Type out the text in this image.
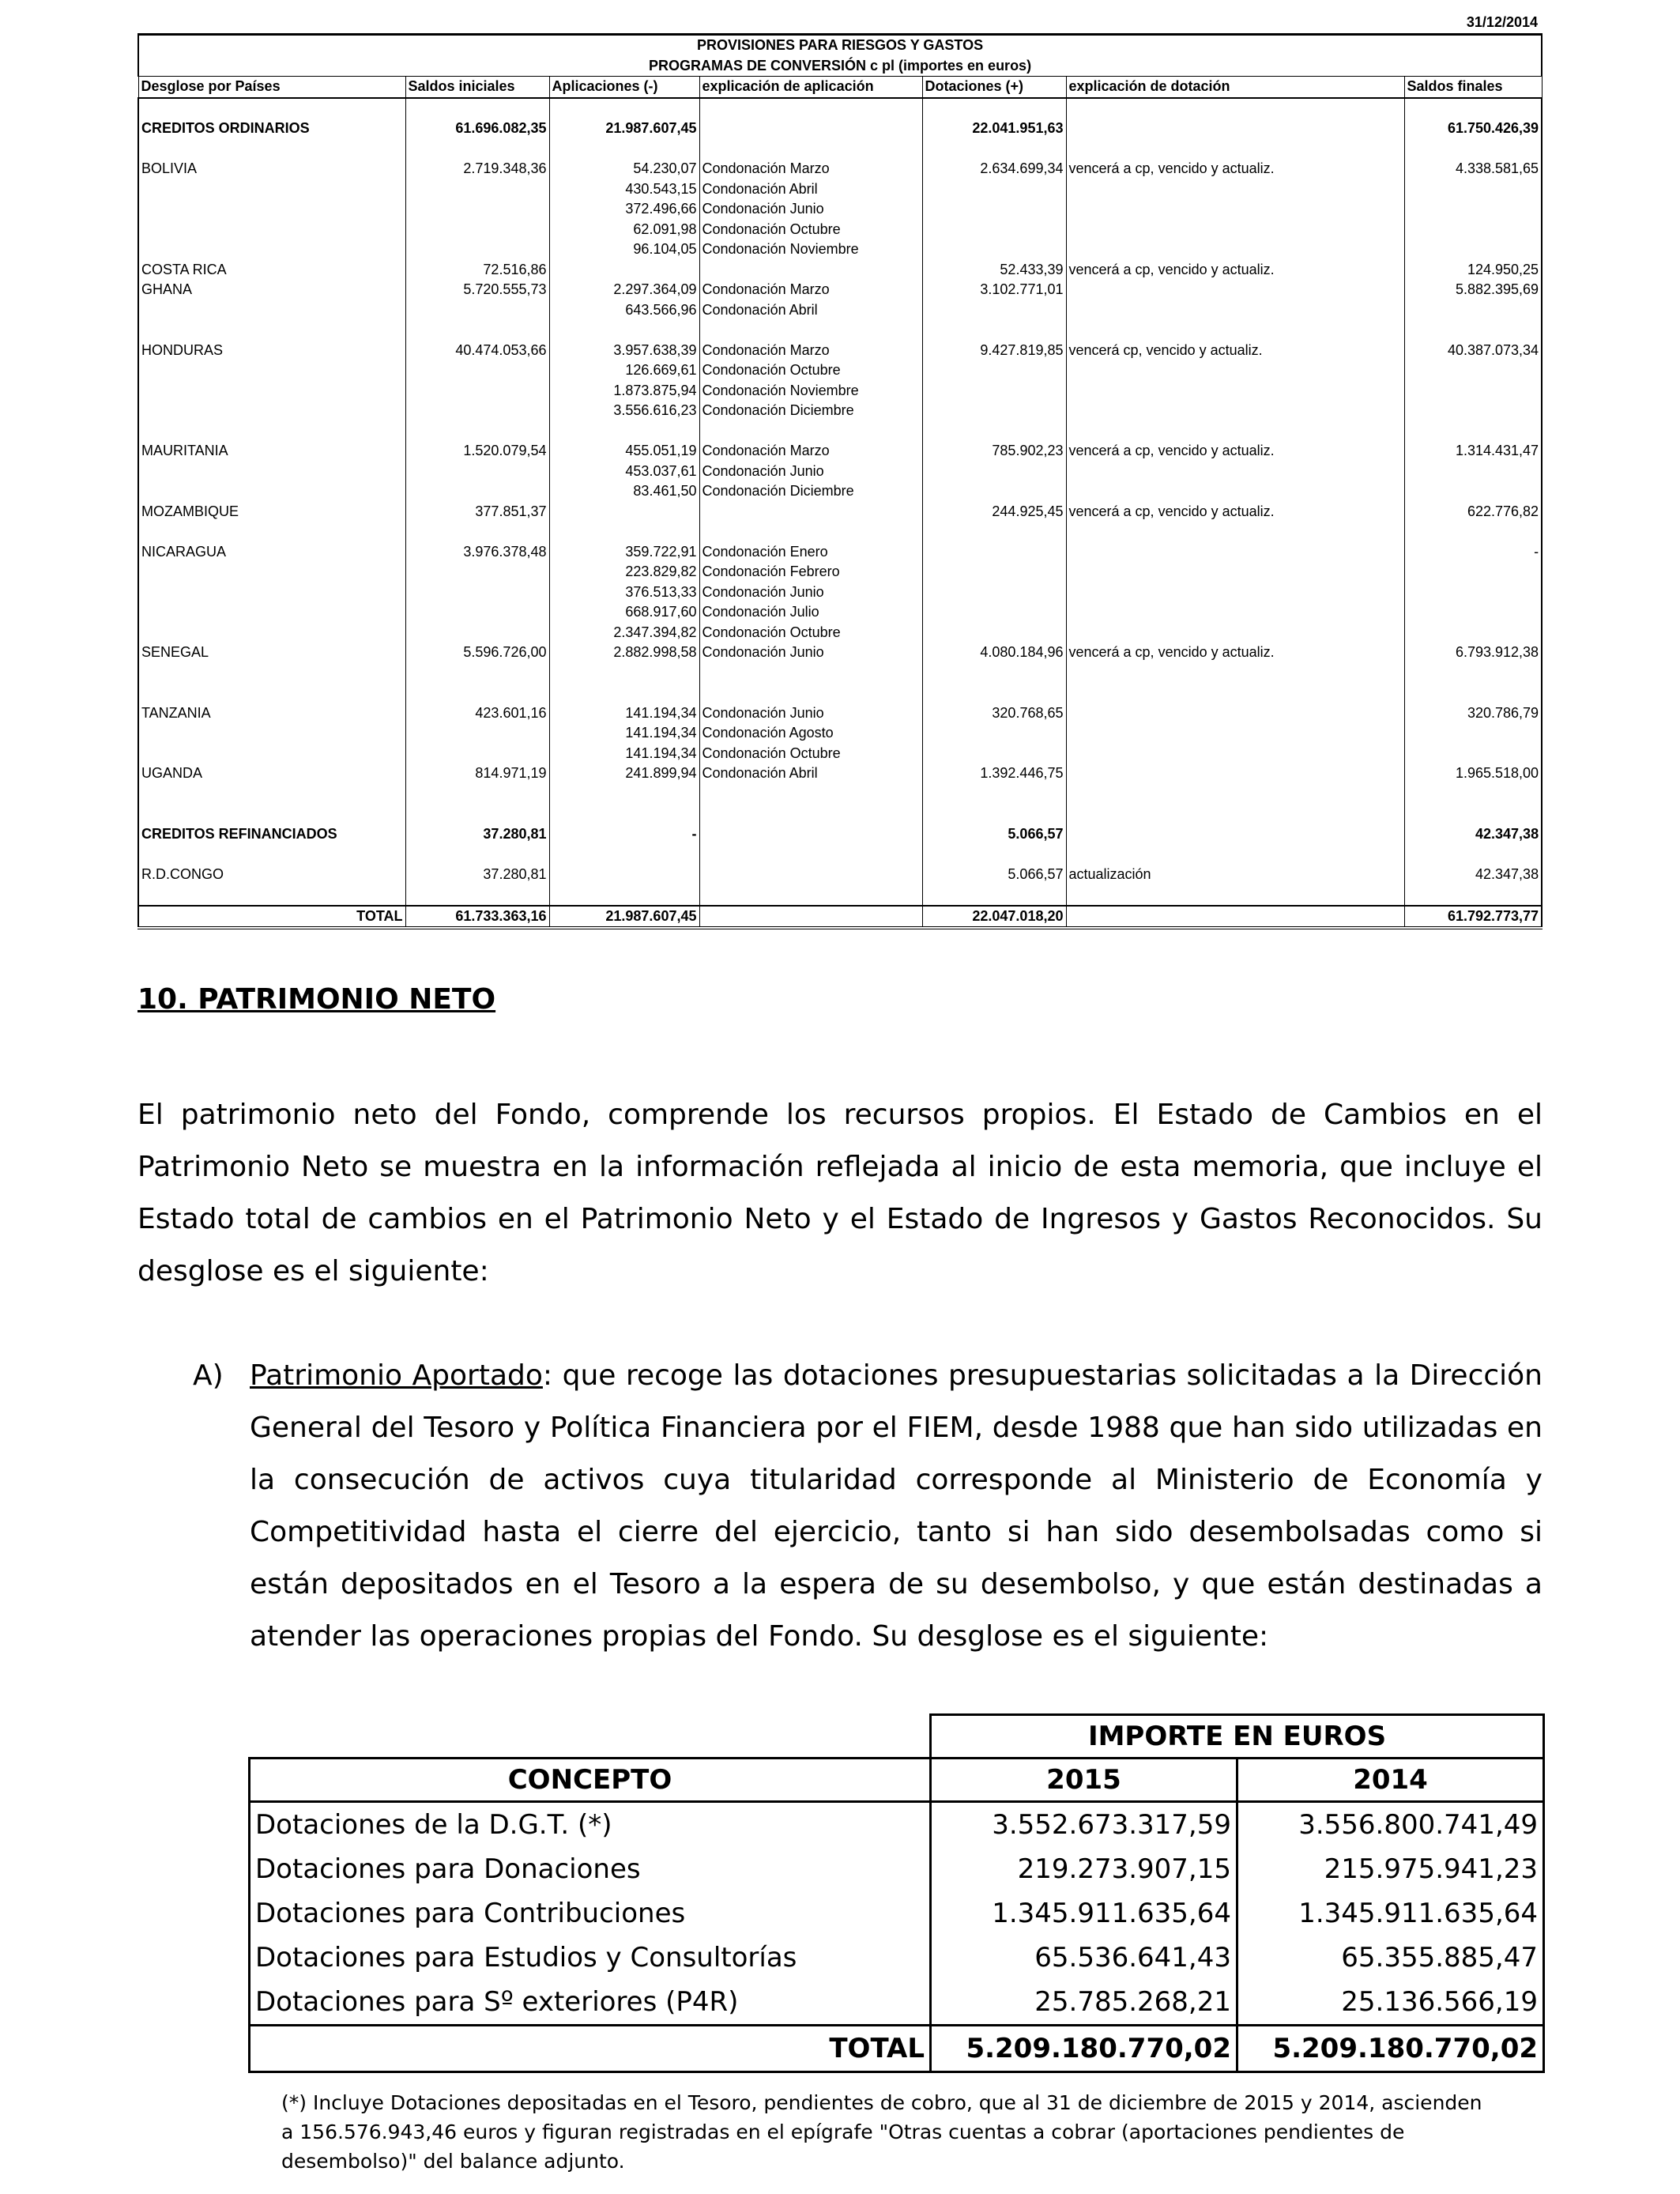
31/12/2014
PROVISIONES PARA RIESGOS Y GASTOS						
PROGRAMAS DE CONVERSIÓN c pl (importes en euros)						
Desglose por Países	Saldos iniciales	Aplicaciones (-)	explicación de aplicación	Dotaciones (+)	explicación de dotación	Saldos finales

CREDITOS ORDINARIOS	61.696.082,35	21.987.607,45		22.041.951,63		61.750.426,39

BOLIVIA	2.719.348,36	54.230,07	Condonación Marzo	2.634.699,34	vencerá a cp, vencido y actualiz.	4.338.581,65
		430.543,15	Condonación Abril			
		372.496,66	Condonación Junio			
		62.091,98	Condonación Octubre			
		96.104,05	Condonación Noviembre			
COSTA RICA	72.516,86			52.433,39	vencerá a cp, vencido y actualiz.	124.950,25
GHANA	5.720.555,73	2.297.364,09	Condonación Marzo	3.102.771,01		5.882.395,69
		643.566,96	Condonación Abril			

HONDURAS	40.474.053,66	3.957.638,39	Condonación Marzo	9.427.819,85	vencerá cp, vencido y actualiz.	40.387.073,34
		126.669,61	Condonación Octubre			
		1.873.875,94	Condonación Noviembre			
		3.556.616,23	Condonación Diciembre			

MAURITANIA	1.520.079,54	455.051,19	Condonación Marzo	785.902,23	vencerá a cp, vencido y actualiz.	1.314.431,47
		453.037,61	Condonación Junio			
		83.461,50	Condonación Diciembre			
MOZAMBIQUE	377.851,37			244.925,45	vencerá a cp, vencido y actualiz.	622.776,82

NICARAGUA	3.976.378,48	359.722,91	Condonación Enero			-
		223.829,82	Condonación Febrero			
		376.513,33	Condonación Junio			
		668.917,60	Condonación Julio			
		2.347.394,82	Condonación Octubre			
SENEGAL	5.596.726,00	2.882.998,58	Condonación Junio	4.080.184,96	vencerá a cp, vencido y actualiz.	6.793.912,38

TANZANIA	423.601,16	141.194,34	Condonación Junio	320.768,65		320.786,79
		141.194,34	Condonación Agosto			
		141.194,34	Condonación Octubre			
UGANDA	814.971,19	241.899,94	Condonación Abril	1.392.446,75		1.965.518,00

CREDITOS REFINANCIADOS	37.280,81	-		5.066,57		42.347,38

R.D.CONGO	37.280,81			5.066,57	actualización	42.347,38

TOTAL	61.733.363,16	21.987.607,45		22.047.018,20		61.792.773,77
10. PATRIMONIO NETO
El patrimonio neto del Fondo, comprende los recursos propios. El Estado de Cambios en el Patrimonio Neto se muestra en la información reflejada al inicio de esta memoria, que incluye el Estado total de cambios en el Patrimonio Neto y el Estado de Ingresos y Gastos Reconocidos. Su desglose es el siguiente:
A) Patrimonio Aportado: que recoge las dotaciones presupuestarias solicitadas a la Dirección General del Tesoro y Política Financiera por el FIEM, desde 1988 que han sido utilizadas en la consecución de activos cuya titularidad corresponde al Ministerio de Economía y Competitividad hasta el cierre del ejercicio, tanto si han sido desembolsadas como si están depositados en el Tesoro a la espera de su desembolso, y que están destinadas a atender las operaciones propias del Fondo. Su desglose es el siguiente:
	IMPORTE EN EUROS	
CONCEPTO	2015	2014
Dotaciones de la D.G.T. (*)	3.552.673.317,59	3.556.800.741,49
Dotaciones para Donaciones	219.273.907,15	215.975.941,23
Dotaciones para Contribuciones	1.345.911.635,64	1.345.911.635,64
Dotaciones para Estudios y Consultorías	65.536.641,43	65.355.885,47
Dotaciones para Sº exteriores (P4R)	25.785.268,21	25.136.566,19
TOTAL	5.209.180.770,02	5.209.180.770,02
(*) Incluye Dotaciones depositadas en el Tesoro, pendientes de cobro, que al 31 de diciembre de 2015 y 2014, ascienden a 156.576.943,46 euros y figuran registradas en el epígrafe "Otras cuentas a cobrar (aportaciones pendientes de desembolso)" del balance adjunto.
